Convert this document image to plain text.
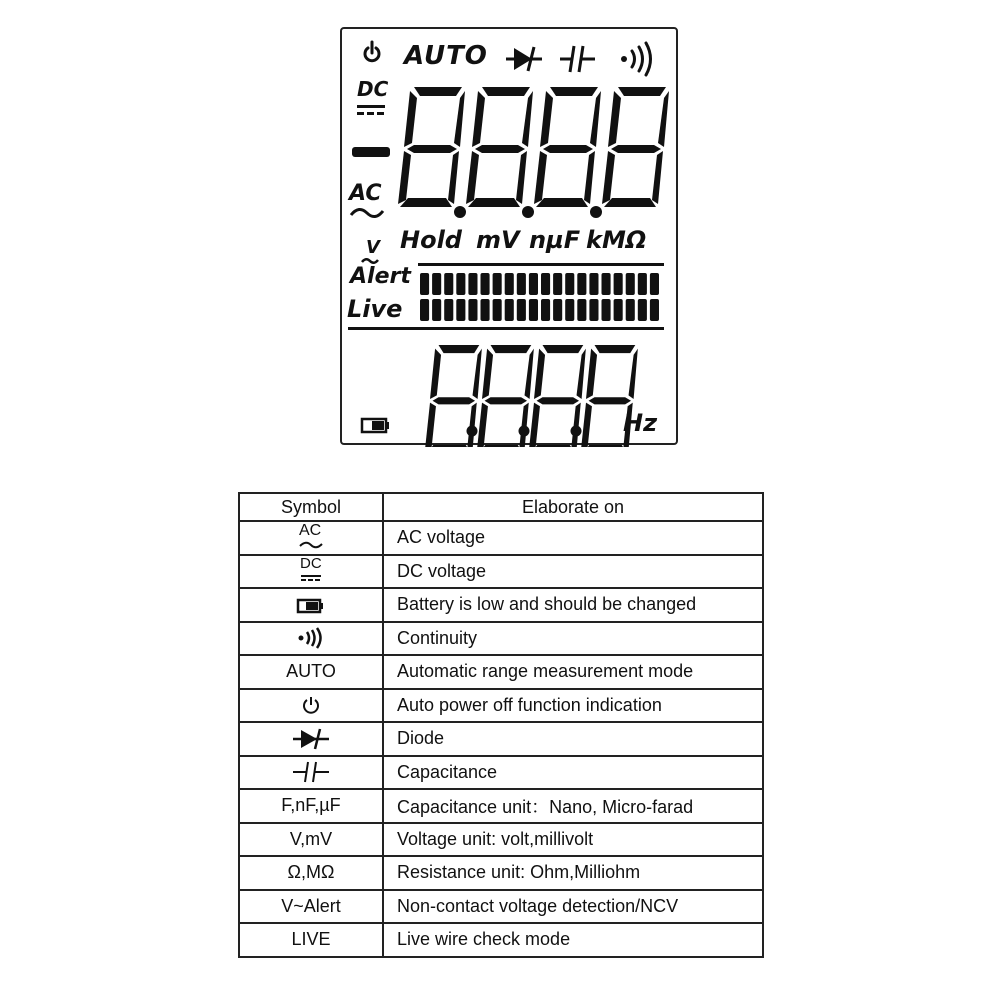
AUTO
DC
AC
Hold mV nµF kMΩ
V
Alert
Live
Hz
Symbol	Elaborate on

AC	AC voltage

DC	DC voltage
	Battery is low and should be changed
	Continuity
AUTO	Automatic range measurement mode
	Auto power off function indication
	Diode
	Capacitance
F,nF,µF	Capacitance unit：Nano, Micro-farad
V,mV	Voltage unit: volt,millivolt
Ω,MΩ	Resistance unit: Ohm,Milliohm
V~Alert	Non-contact voltage detection/NCV
LIVE	Live wire check mode
